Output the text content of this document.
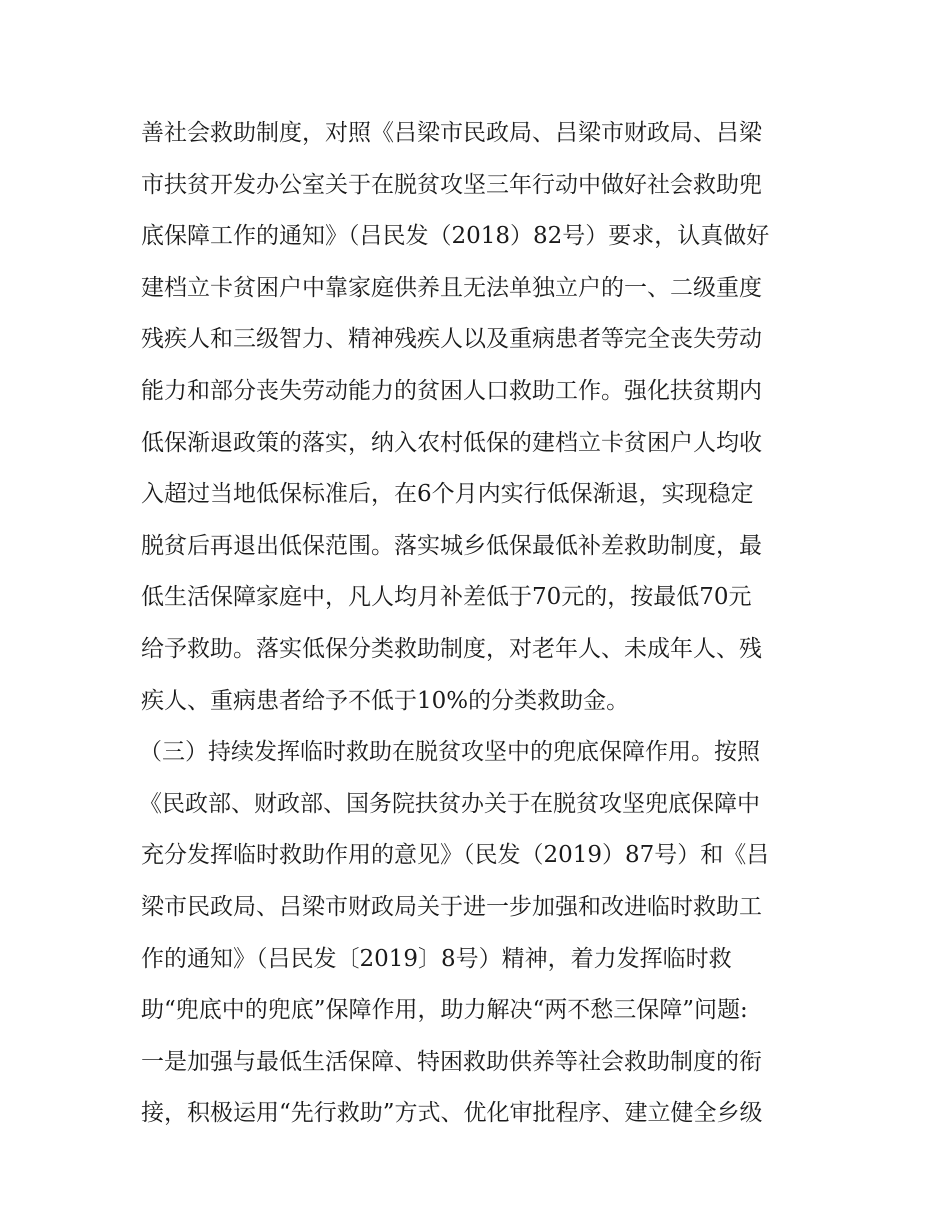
善社会救助制度，对照《吕梁市民政局、吕梁市财政局、吕梁
市扶贫开发办公室关于在脱贫攻坚三年行动中做好社会救助兜
底保障工作的通知》（吕民发（2018）82号）要求，认真做好
建档立卡贫困户中靠家庭供养且无法单独立户的一、二级重度
残疾人和三级智力、精神残疾人以及重病患者等完全丧失劳动
能力和部分丧失劳动能力的贫困人口救助工作。强化扶贫期内
低保渐退政策的落实，纳入农村低保的建档立卡贫困户人均收
入超过当地低保标准后，在6个月内实行低保渐退，实现稳定
脱贫后再退出低保范围。落实城乡低保最低补差救助制度，最
低生活保障家庭中，凡人均月补差低于70元的，按最低70元
给予救助。落实低保分类救助制度，对老年人、未成年人、残
疾人、重病患者给予不低于10%的分类救助金。
（三）持续发挥临时救助在脱贫攻坚中的兜底保障作用。按照
《民政部、财政部、国务院扶贫办关于在脱贫攻坚兜底保障中
充分发挥临时救助作用的意见》（民发（2019）87号）和《吕
梁市民政局、吕梁市财政局关于进一步加强和改进临时救助工
作的通知》（吕民发〔2019〕8号）精神，着力发挥临时救
助“兜底中的兜底”保障作用，助力解决“两不愁三保障”问题:
一是加强与最低生活保障、特困救助供养等社会救助制度的衔
接，积极运用“先行救助”方式、优化审批程序、建立健全乡级
